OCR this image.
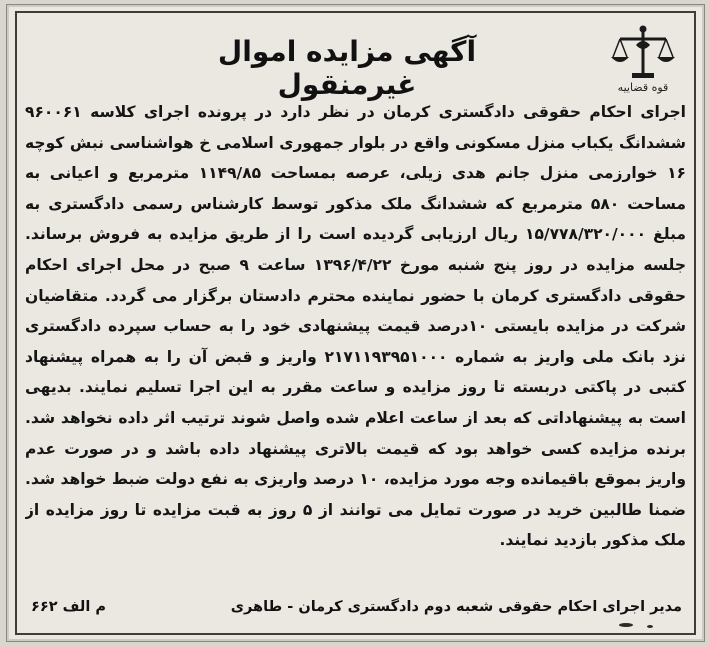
آگهی مزایده اموال غیرمنقول	قوه قضاییه
اجرای احکام حقوقی دادگستری کرمان در نظر دارد در پرونده اجرای کلاسه ۹۶۰۰۶۱ ششدانگ یکباب منزل مسکونی واقع در بلوار جمهوری اسلامی خ هواشناسی نبش کوچه ۱۶ خوارزمی منزل جانم هدی زیلی، عرصه بمساحت ۱۱۴۹/۸۵ مترمربع و اعیانی به مساحت ۵۸۰ مترمربع که ششدانگ ملک مذکور توسط کارشناس رسمی دادگستری به مبلغ ۱۵/۷۷۸/۳۲۰/۰۰۰ ریال ارزیابی گردیده است را از طریق مزایده به فروش برساند. جلسه مزایده در روز پنج شنبه مورخ ۱۳۹۶/۴/۲۲ ساعت ۹ صبح در محل اجرای احکام حقوقی دادگستری کرمان با حضور نماینده محترم دادستان برگزار می گردد. متقاضیان شرکت در مزایده بایستی ۱۰درصد قیمت پیشنهادی خود را به حساب سپرده دادگستری نزد بانک ملی واریز به شماره ۲۱۷۱۱۹۳۹۵۱۰۰۰ واریز و قبض آن را به همراه پیشنهاد کتبی در پاکتی دربسته تا روز مزایده و ساعت مقرر به این اجرا تسلیم نمایند. بدیهی است به پیشنهاداتی که بعد از ساعت اعلام شده واصل شوند ترتیب اثر داده نخواهد شد. برنده مزایده کسی خواهد بود که قیمت بالاتری پیشنهاد داده باشد و در صورت عدم واریز بموقع باقیمانده وجه مورد مزایده، ۱۰ درصد واریزی به نفع دولت ضبط خواهد شد. ضمنا طالبین خرید در صورت تمایل می توانند از ۵ روز به قبت مزایده تا روز مزایده از ملک مذکور بازدید نمایند.
مدیر اجرای احکام حقوقی شعبه دوم دادگستری کرمان - طاهری
م الف ۶۶۲
